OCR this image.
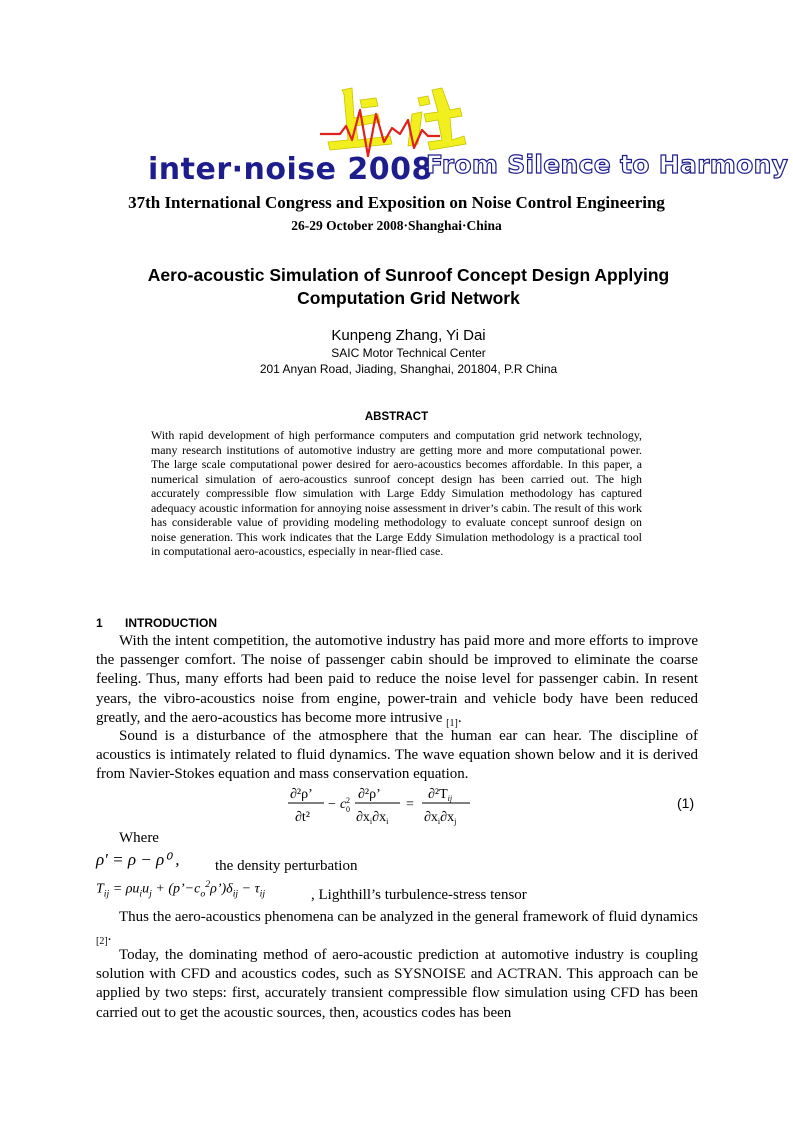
inter·noise 2008
From Silence to Harmony
37th International Congress and Exposition on Noise Control Engineering
26-29 October 2008·Shanghai·China
Aero-acoustic Simulation of Sunroof Concept Design Applying Computation Grid Network
Kunpeng Zhang, Yi Dai
SAIC Motor Technical Center
201 Anyan Road, Jiading, Shanghai, 201804, P.R China
ABSTRACT
With rapid development of high performance computers and computation grid network technology, many research institutions of automotive industry are getting more and more computational power. The large scale computational power desired for aero-acoustics becomes affordable. In this paper, a numerical simulation of aero-acoustics sunroof concept design has been carried out. The high accurately compressible flow simulation with Large Eddy Simulation methodology has captured adequacy acoustic information for annoying noise assessment in driver’s cabin. The result of this work has considerable value of providing modeling methodology to evaluate concept sunroof design on noise generation. This work indicates that the Large Eddy Simulation methodology is a practical tool in computational aero-acoustics, especially in near-flied case.
1 INTRODUCTION

With the intent competition, the automotive industry has paid more and more efforts to improve the passenger comfort. The noise of passenger cabin should be improved to eliminate the coarse feeling. Thus, many efforts had been paid to reduce the noise level for passenger cabin. In resent years, the vibro-acoustics noise from engine, power-train and vehicle body have been reduced greatly, and the aero-acoustics has become more intrusive $_{[1]}$.

Sound is a disturbance of the atmosphere that the human ear can hear. The discipline of acoustics is intimately related to fluid dynamics. The wave equation shown below and it is derived from Navier-Stokes equation and mass conservation equation.

∂²ρ’
∂t²
− c 0
2 ∂²ρ’
$\partial x_i\partial x_i$
=
$\partial^2T_{ij}$
$\partial x_i\partial x_j$
(1)
Where
ρ′ = ρ − ρ⁰ , the density perturbation
$T_{ij} = \rho u_iu_j$ + $(p’-c_o^2\rho’)\delta_{ij} - \tau_{ij}$	, Lighthill’s turbulence-stress tensor

Thus the aero-acoustics phenomena can be analyzed in the general framework of fluid dynamics $_{[2]}$.

Today, the dominating method of aero-acoustic prediction at automotive industry is coupling solution with CFD and acoustics codes, such as SYSNOISE and ACTRAN. This approach can be applied by two steps: first, accurately transient compressible flow simulation using CFD has been carried out to get the acoustic sources, then, acoustics codes has been
